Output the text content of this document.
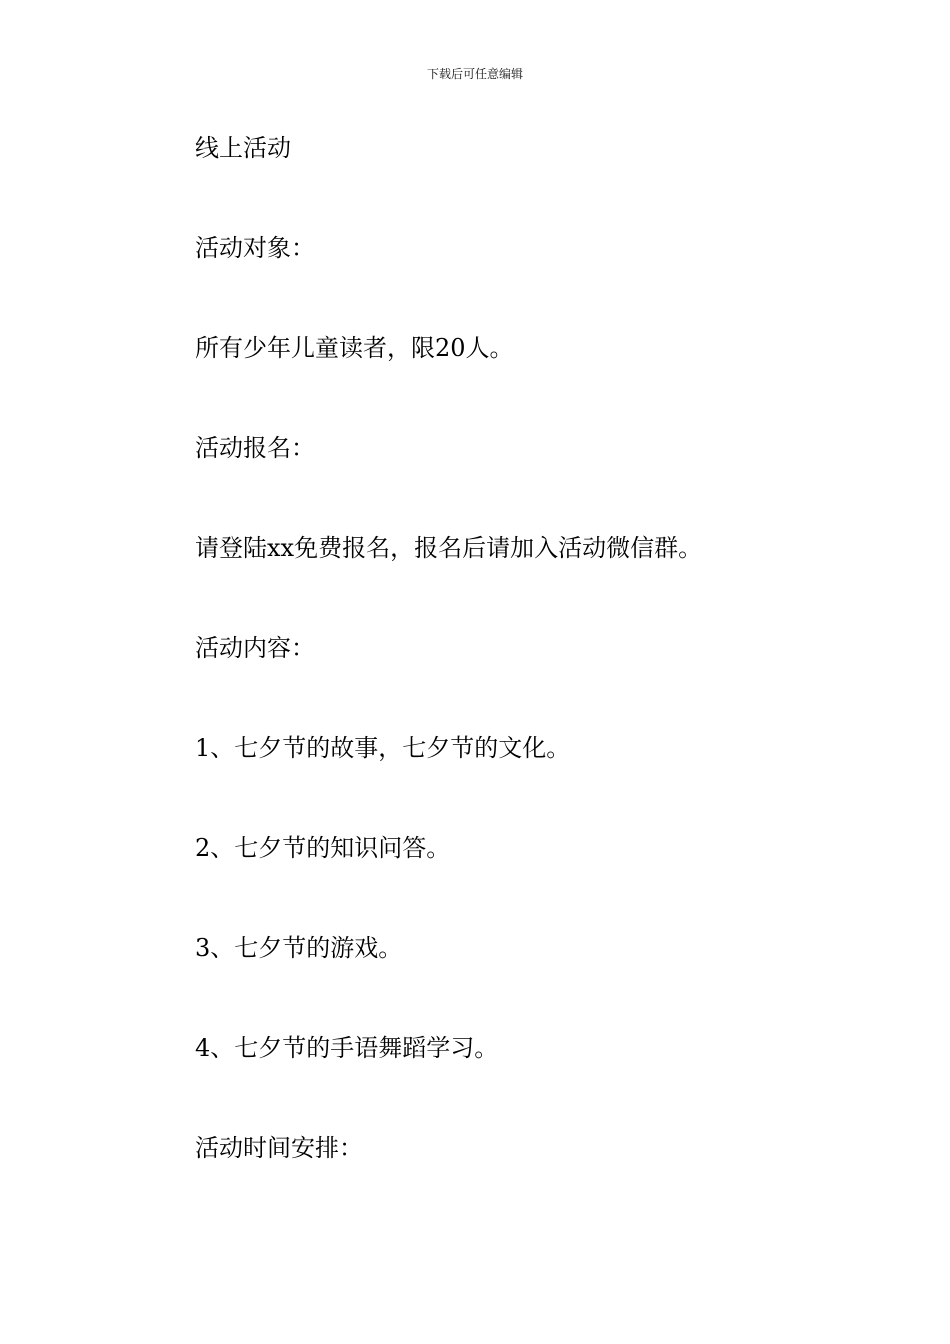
下载后可任意编辑
线上活动
活动对象：
所有少年儿童读者，限20人。
活动报名：
请登陆xx免费报名，报名后请加入活动微信群。
活动内容：
1、七夕节的故事，七夕节的文化。
2、七夕节的知识问答。
3、七夕节的游戏。
4、七夕节的手语舞蹈学习。
活动时间安排：
